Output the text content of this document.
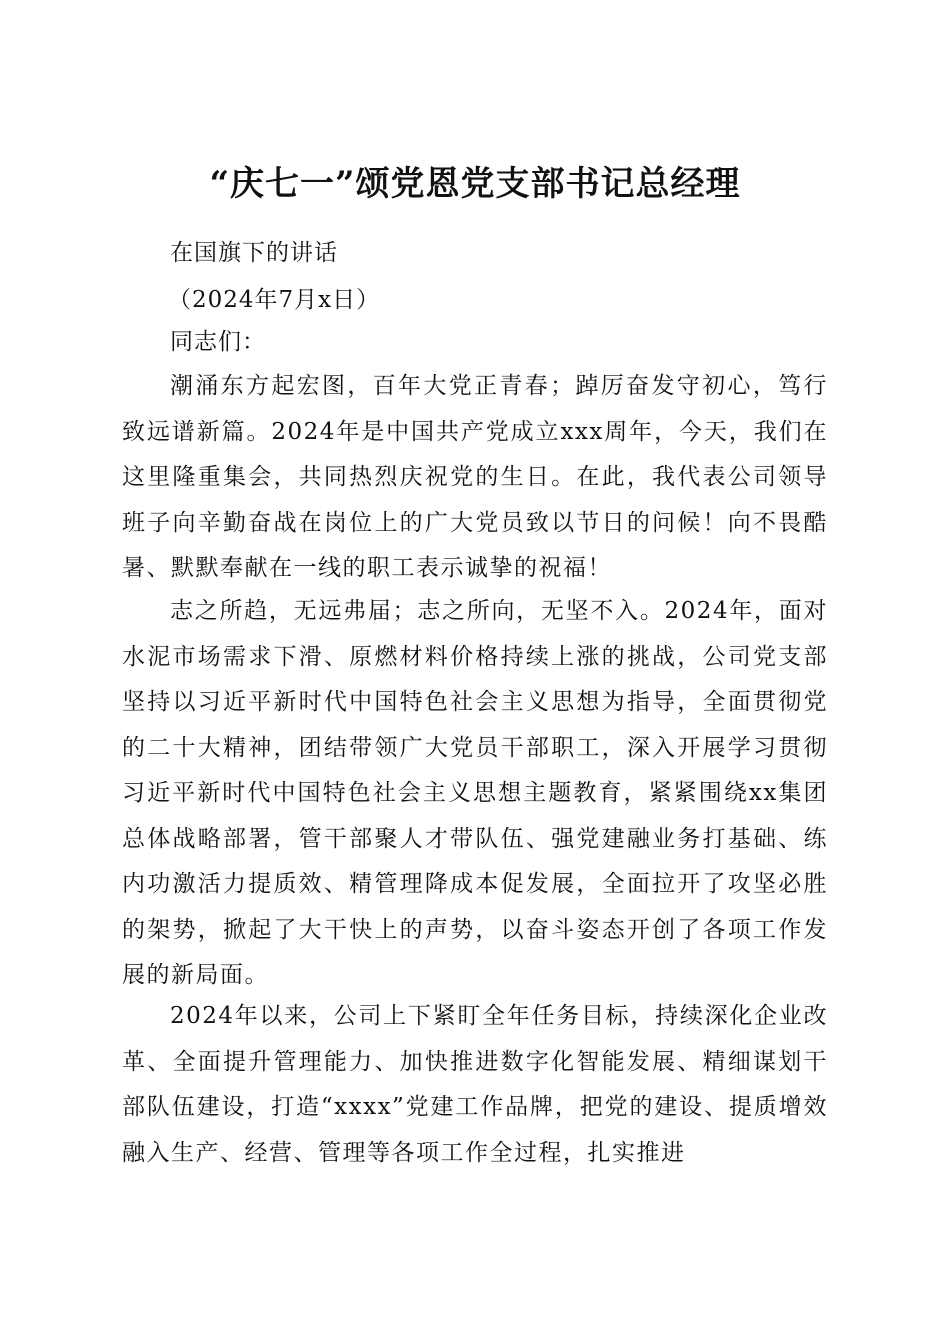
“庆七一”颂党恩党支部书记总经理
在国旗下的讲话
（2024年7月x日）
同志们：

潮涌东方起宏图，百年大党正青春；踔厉奋发守初心，笃行致远谱新篇。2024年是中国共产党成立xxx周年，今天，我们在这里隆重集会，共同热烈庆祝党的生日。在此，我代表公司领导班子向辛勤奋战在岗位上的广大党员致以节日的问候！向不畏酷暑、默默奉献在一线的职工表示诚挚的祝福！

志之所趋，无远弗届；志之所向，无坚不入。2024年，面对水泥市场需求下滑、原燃材料价格持续上涨的挑战，公司党支部坚持以习近平新时代中国特色社会主义思想为指导，全面贯彻党的二十大精神，团结带领广大党员干部职工，深入开展学习贯彻习近平新时代中国特色社会主义思想主题教育，紧紧围绕xx集团总体战略部署，管干部聚人才带队伍、强党建融业务打基础、练内功激活力提质效、精管理降成本促发展，全面拉开了攻坚必胜的架势，掀起了大干快上的声势，以奋斗姿态开创了各项工作发展的新局面。

2024年以来，公司上下紧盯全年任务目标，持续深化企业改革、全面提升管理能力、加快推进数字化智能发展、精细谋划干部队伍建设，打造“xxxx”党建工作品牌，把党的建设、提质增效融入生产、经营、管理等各项工作全过程，扎实推进
